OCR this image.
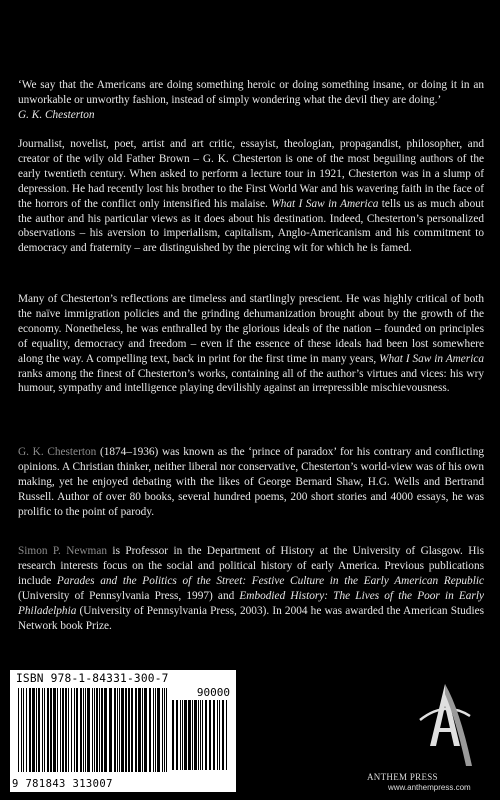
‘We say that the Americans are doing something heroic or doing something insane, or doing it in an unworkable or unworthy fashion, instead of simply wondering what the devil they are doing.’

G. K. Chesterton

Journalist, novelist, poet, artist and art critic, essayist, theologian, propagandist, philosopher, and creator of the wily old Father Brown – G. K. Chesterton is one of the most beguiling authors of the early twentieth century. When asked to perform a lecture tour in 1921, Chesterton was in a slump of depression. He had recently lost his brother to the First World War and his wavering faith in the face of the horrors of the conflict only intensified his malaise. What I Saw in America tells us as much about the author and his particular views as it does about his destination. Indeed, Chesterton’s personalized observations – his aversion to imperialism, capitalism, Anglo-Americanism and his commitment to democracy and fraternity – are distinguished by the piercing wit for which he is famed.

Many of Chesterton’s reflections are timeless and startlingly prescient. He was highly critical of both the naïve immigration policies and the grinding dehumanization brought about by the growth of the economy. Nonetheless, he was enthralled by the glorious ideals of the nation – founded on principles of equality, democracy and freedom – even if the essence of these ideals had been lost somewhere along the way. A compelling text, back in print for the first time in many years, What I Saw in America ranks among the finest of Chesterton’s works, containing all of the author’s virtues and vices: his wry humour, sympathy and intelligence playing devilishly against an irrepressible mischievousness.

G. K. Chesterton (1874–1936) was known as the ‘prince of paradox’ for his contrary and conflicting opinions. A Christian thinker, neither liberal nor conservative, Chesterton’s world-view was of his own making, yet he enjoyed debating with the likes of George Bernard Shaw, H.G. Wells and Bertrand Russell. Author of over 80 books, several hundred poems, 200 short stories and 4000 essays, he was prolific to the point of parody.

Simon P. Newman is Professor in the Department of History at the University of Glasgow. His research interests focus on the social and political history of early America. Previous publications include Parades and the Politics of the Street: Festive Culture in the Early American Republic (University of Pennsylvania Press, 1997) and Embodied History: The Lives of the Poor in Early Philadelphia (University of Pennsylvania Press, 2003). In 2004 he was awarded the American Studies Network book Prize.

ISBN 978-1-84331-300-7
90000
9 781843 313007
ANTHEM PRESS
www.anthempress.com
